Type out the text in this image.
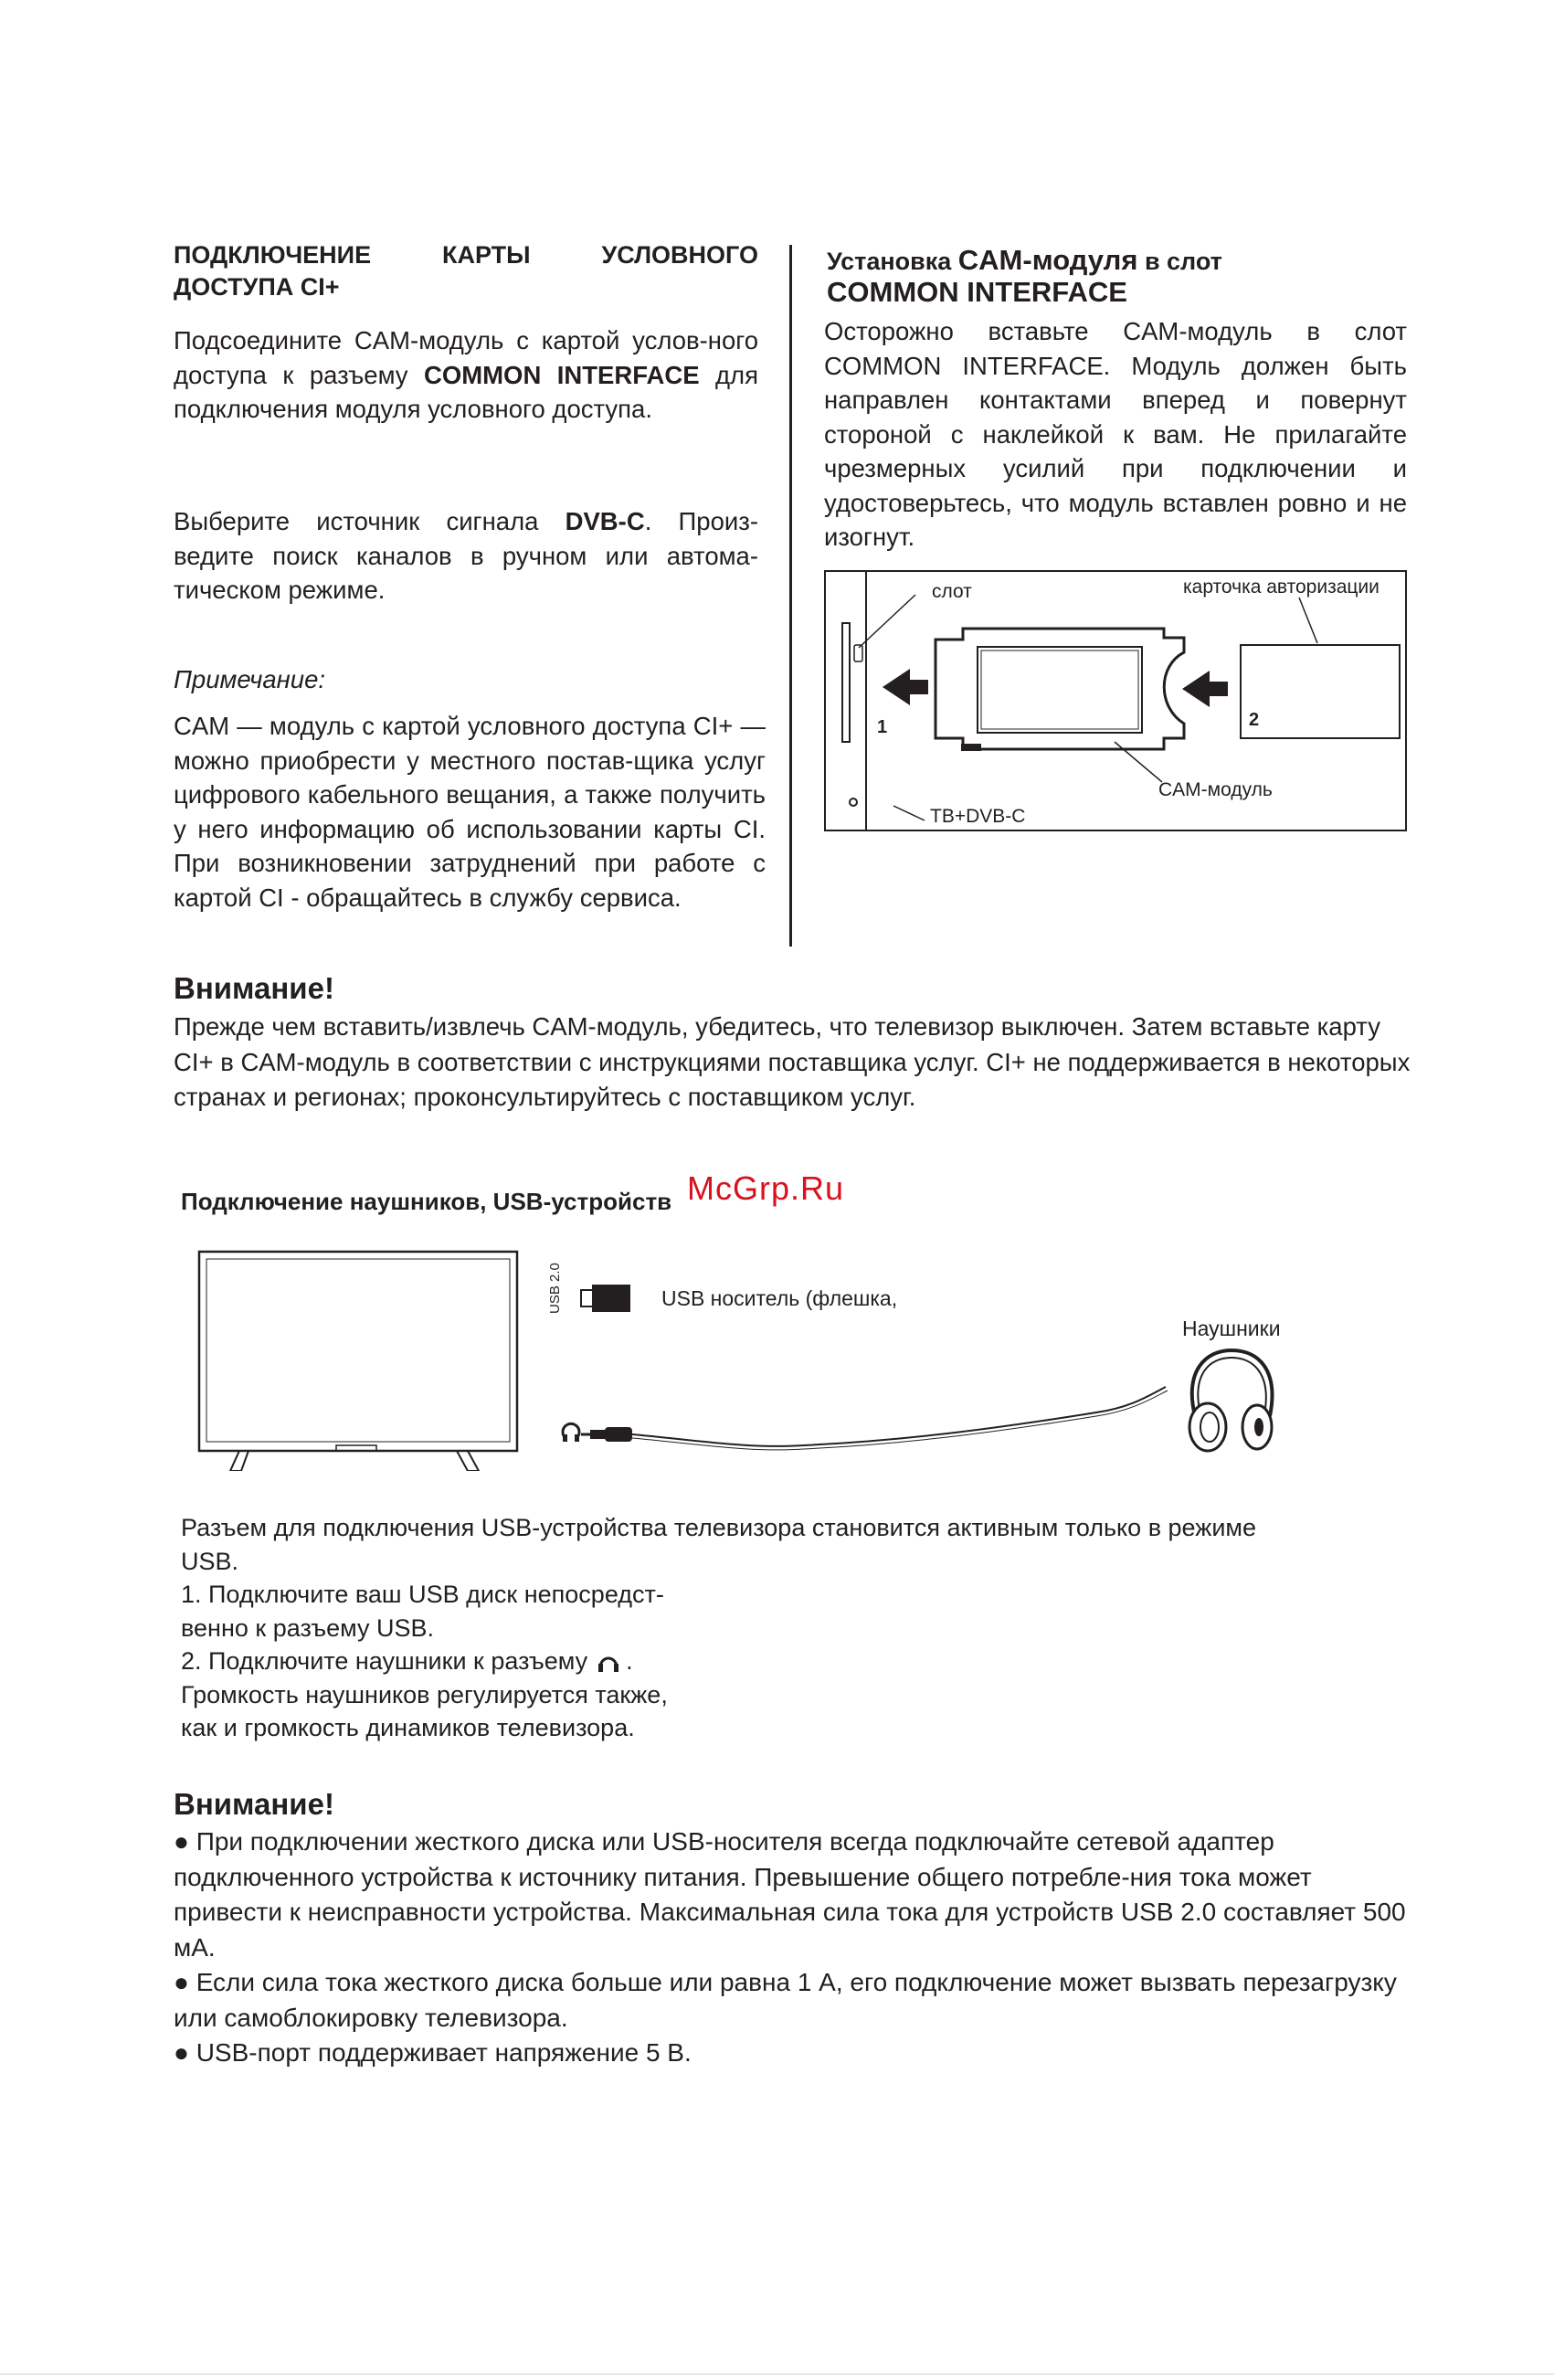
ПОДКЛЮЧЕНИЕ КАРТЫ УСЛОВНОГО
ДОСТУПА CI+
Подсоедините CAM-модуль с картой услов-ного доступа к разъему COMMON INTERFACE для подключения модуля условного доступа.
Выберите источник сигнала DVB-C. Произ-ведите поиск каналов в ручном или автома-тическом режиме.
Примечание:
CAM — модуль с картой условного доступа CI+ — можно приобрести у местного постав-щика услуг цифрового кабельного вещания, а также получить у него информацию об использовании карты CI. При возникновении затруднений при работе с картой CI - обращайтесь в службу сервиса.
Установка CAM-модуля в слот
COMMON INTERFACE
Осторожно вставьте CAM-модуль в слот COMMON INTERFACE. Модуль должен быть направлен контактами вперед и повернут стороной с наклейкой к вам. Не прилагайте чрезмерных усилий при подключении и удостоверьтесь, что модуль вставлен ровно и не изогнут.
слот
1
CAM-модуль
2
карточка авторизации
ТВ+DVB-C
Внимание!
Прежде чем вставить/извлечь CAM-модуль, убедитесь, что телевизор выключен. Затем вставьте карту CI+ в CAM-модуль в соответствии с инструкциями поставщика услуг. CI+ не поддерживается в некоторых странах и регионах; проконсультируйтесь с поставщиком услуг.
Подключение наушников, USB-устройств McGrp.Ru
USB 2.0	USB носитель (флешка,
Наушники
Разъем для подключения USB-устройства телевизора становится активным только в режиме
USB.
1. Подключите ваш USB диск непосредст-
венно к разъему USB.
2. Подключите наушники к разъему .
Громкость наушников регулируется также,
как и громкость динамиков телевизора.
Внимание!
● При подключении жесткого диска или USB-носителя всегда подключайте сетевой адаптер подключенного устройства к источнику питания. Превышение общего потребле-ния тока может привести к неисправности устройства. Максимальная сила тока для устройств USB 2.0 составляет 500 мА.
● Если сила тока жесткого диска больше или равна 1 А, его подключение может вызвать перезагрузку или самоблокировку телевизора.
● USB-порт поддерживает напряжение 5 В.
